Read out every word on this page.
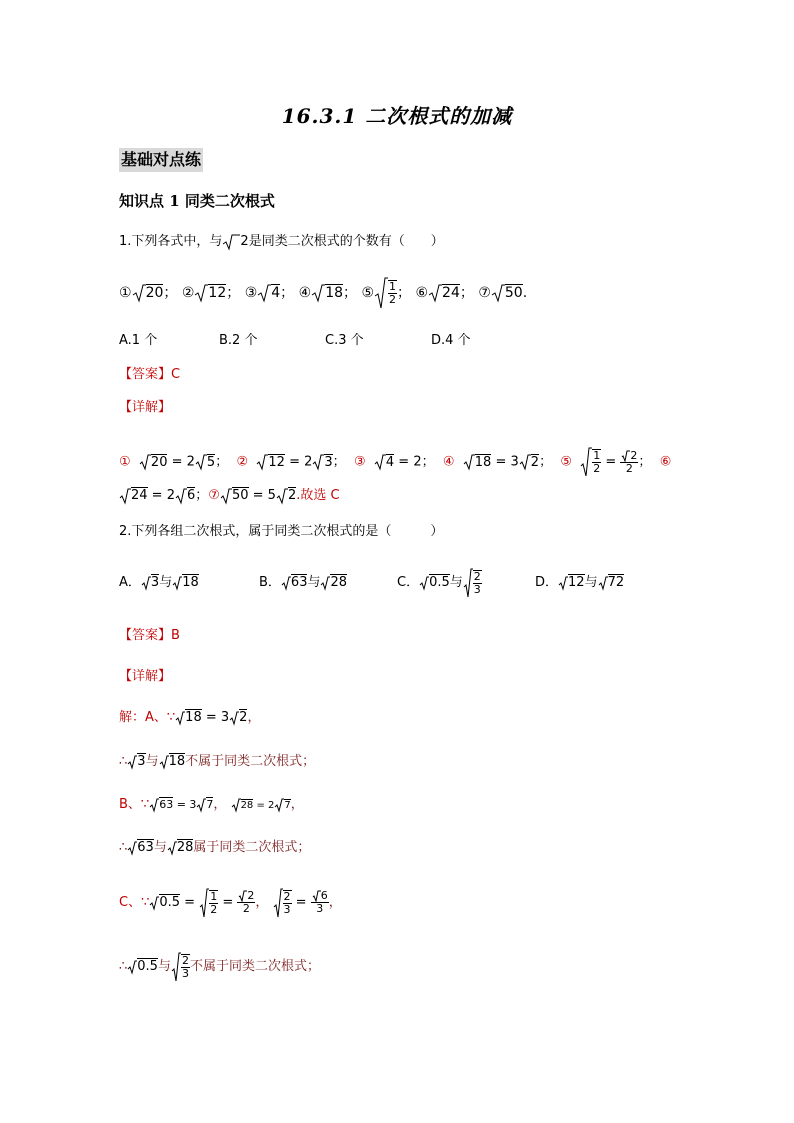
16.3.1 二次根式的加减
基础对点练
知识点 1 同类二次根式
1.下列各式中，与 2是同类二次根式的个数有（　　）
① 20； ② 12； ③ 4； ④ 18； ⑤ $\frac{1}{2}$ ； ⑥ 24； ⑦ 50.
A.1 个	B.2 个	C.3 个	D.4 个
【答案】C
【详解】
① 20 = 2 5；  ② 12 = 2 3；  ③ 4 = 2；  ④ 18 = 3 2；  ⑤ $\frac{1}{2} = \frac{2}{2}$ ；  ⑥
24 = 2 6；⑦ 50 = 5 2.故选 C
2.下列各组二次根式，属于同类二次根式的是（　　　）
A． 3与 18	B． 63与 28	C． 0.5与 $\frac{2}{3}$	D． 12与 72
【答案】B
【详解】
解：A、∵ 18 = 3 2，
∴ 3与 18不属于同类二次根式；
B、∵ 63 = 3 7， 28 = 2 7，
∴ 63与 28属于同类二次根式；
C、∵ $0.5 = \frac{1}{2} = \frac{2}{2}$ ， $\frac{2}{3} = \frac{6}{3}$ ，
∴ 0.5与 $\frac{2}{3}$ 不属于同类二次根式；
